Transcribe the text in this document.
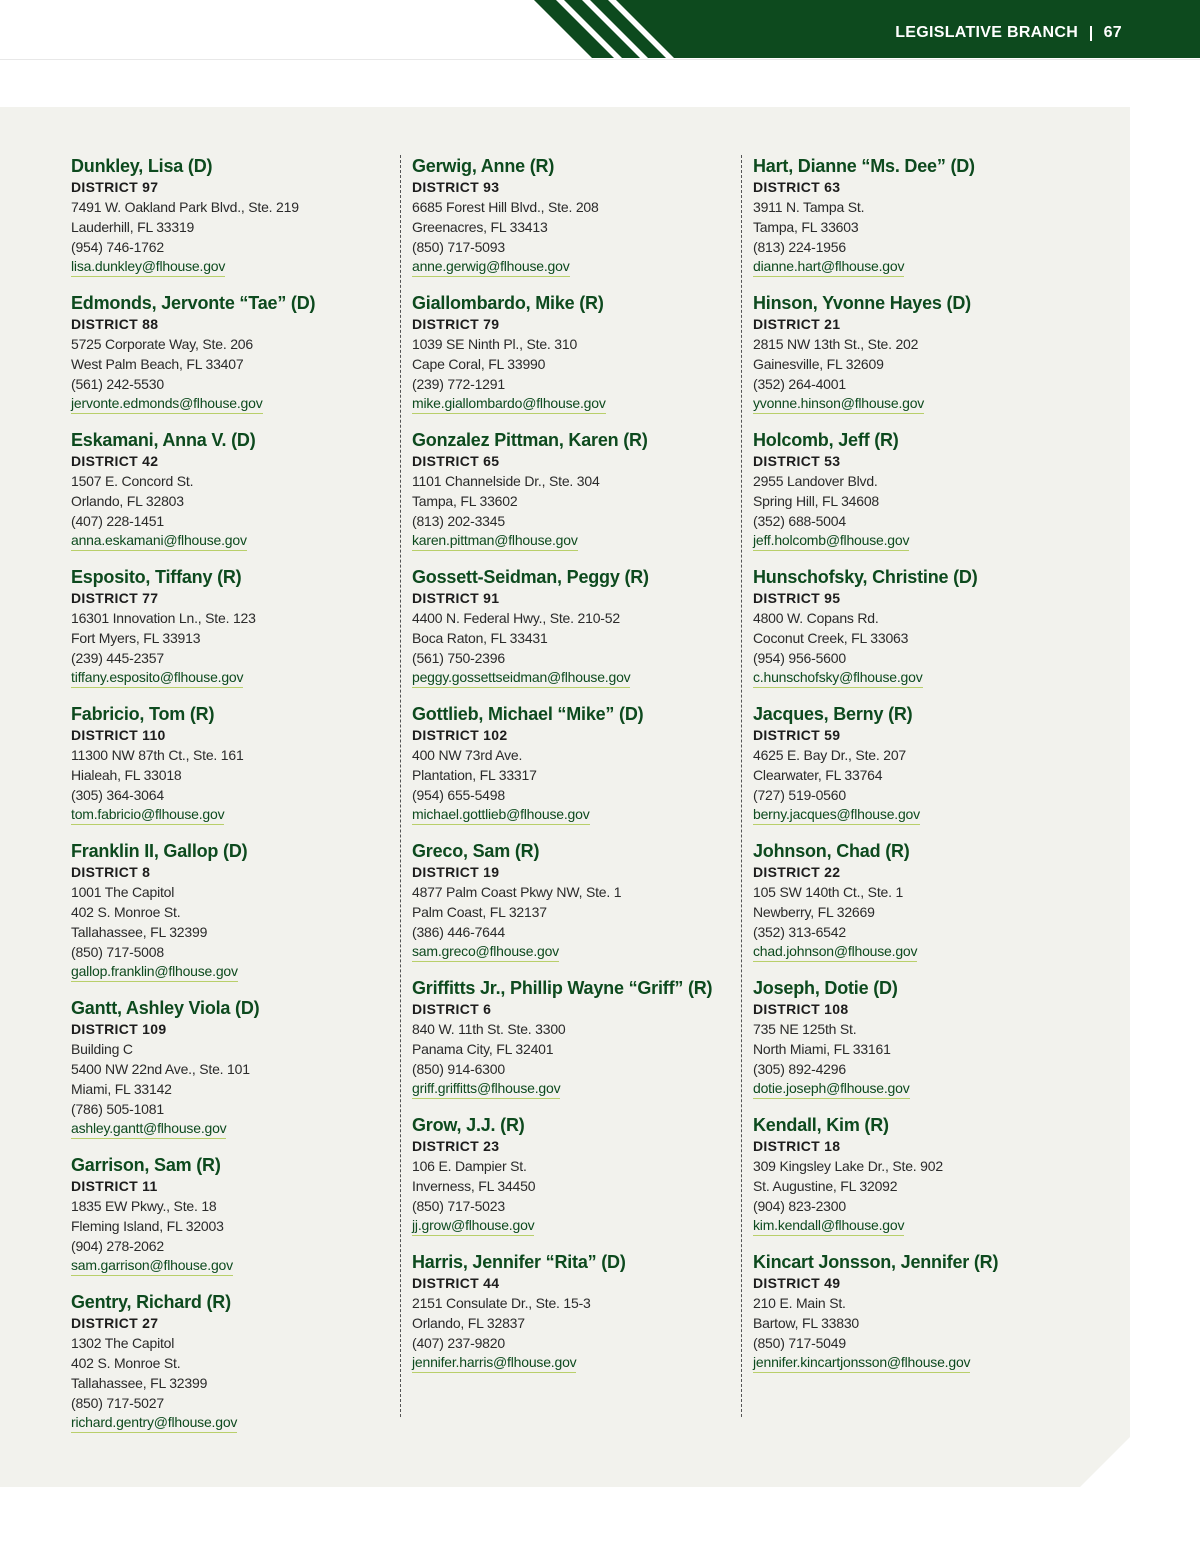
LEGISLATIVE BRANCH 67
Dunkley, Lisa (D)
DISTRICT 97
7491 W. Oakland Park Blvd., Ste. 219
Lauderhill, FL 33319
(954) 746-1762
lisa.dunkley@flhouse.gov
Edmonds, Jervonte “Tae” (D)
DISTRICT 88
5725 Corporate Way, Ste. 206
West Palm Beach, FL 33407
(561) 242-5530
jervonte.edmonds@flhouse.gov
Eskamani, Anna V. (D)
DISTRICT 42
1507 E. Concord St.
Orlando, FL 32803
(407) 228-1451
anna.eskamani@flhouse.gov
Esposito, Tiffany (R)
DISTRICT 77
16301 Innovation Ln., Ste. 123
Fort Myers, FL 33913
(239) 445-2357
tiffany.esposito@flhouse.gov
Fabricio, Tom (R)
DISTRICT 110
11300 NW 87th Ct., Ste. 161
Hialeah, FL 33018
(305) 364-3064
tom.fabricio@flhouse.gov
Franklin II, Gallop (D)
DISTRICT 8
1001 The Capitol
402 S. Monroe St.
Tallahassee, FL 32399
(850) 717-5008
gallop.franklin@flhouse.gov
Gantt, Ashley Viola (D)
DISTRICT 109
Building C
5400 NW 22nd Ave., Ste. 101
Miami, FL 33142
(786) 505-1081
ashley.gantt@flhouse.gov
Garrison, Sam (R)
DISTRICT 11
1835 EW Pkwy., Ste. 18
Fleming Island, FL 32003
(904) 278-2062
sam.garrison@flhouse.gov
Gentry, Richard (R)
DISTRICT 27
1302 The Capitol
402 S. Monroe St.
Tallahassee, FL 32399
(850) 717-5027
richard.gentry@flhouse.gov
Gerwig, Anne (R)
DISTRICT 93
6685 Forest Hill Blvd., Ste. 208
Greenacres, FL 33413
(850) 717-5093
anne.gerwig@flhouse.gov
Giallombardo, Mike (R)
DISTRICT 79
1039 SE Ninth Pl., Ste. 310
Cape Coral, FL 33990
(239) 772-1291
mike.giallombardo@flhouse.gov
Gonzalez Pittman, Karen (R)
DISTRICT 65
1101 Channelside Dr., Ste. 304
Tampa, FL 33602
(813) 202-3345
karen.pittman@flhouse.gov
Gossett-Seidman, Peggy (R)
DISTRICT 91
4400 N. Federal Hwy., Ste. 210-52
Boca Raton, FL 33431
(561) 750-2396
peggy.gossettseidman@flhouse.gov
Gottlieb, Michael “Mike” (D)
DISTRICT 102
400 NW 73rd Ave.
Plantation, FL 33317
(954) 655-5498
michael.gottlieb@flhouse.gov
Greco, Sam (R)
DISTRICT 19
4877 Palm Coast Pkwy NW, Ste. 1
Palm Coast, FL 32137
(386) 446-7644
sam.greco@flhouse.gov
Griffitts Jr., Phillip Wayne “Griff” (R)
DISTRICT 6
840 W. 11th St. Ste. 3300
Panama City, FL 32401
(850) 914-6300
griff.griffitts@flhouse.gov
Grow, J.J. (R)
DISTRICT 23
106 E. Dampier St.
Inverness, FL 34450
(850) 717-5023
jj.grow@flhouse.gov
Harris, Jennifer “Rita” (D)
DISTRICT 44
2151 Consulate Dr., Ste. 15-3
Orlando, FL 32837
(407) 237-9820
jennifer.harris@flhouse.gov
Hart, Dianne “Ms. Dee” (D)
DISTRICT 63
3911 N. Tampa St.
Tampa, FL 33603
(813) 224-1956
dianne.hart@flhouse.gov
Hinson, Yvonne Hayes (D)
DISTRICT 21
2815 NW 13th St., Ste. 202
Gainesville, FL 32609
(352) 264-4001
yvonne.hinson@flhouse.gov
Holcomb, Jeff (R)
DISTRICT 53
2955 Landover Blvd.
Spring Hill, FL 34608
(352) 688-5004
jeff.holcomb@flhouse.gov
Hunschofsky, Christine (D)
DISTRICT 95
4800 W. Copans Rd.
Coconut Creek, FL 33063
(954) 956-5600
c.hunschofsky@flhouse.gov
Jacques, Berny (R)
DISTRICT 59
4625 E. Bay Dr., Ste. 207
Clearwater, FL 33764
(727) 519-0560
berny.jacques@flhouse.gov
Johnson, Chad (R)
DISTRICT 22
105 SW 140th Ct., Ste. 1
Newberry, FL 32669
(352) 313-6542
chad.johnson@flhouse.gov
Joseph, Dotie (D)
DISTRICT 108
735 NE 125th St.
North Miami, FL 33161
(305) 892-4296
dotie.joseph@flhouse.gov
Kendall, Kim (R)
DISTRICT 18
309 Kingsley Lake Dr., Ste. 902
St. Augustine, FL 32092
(904) 823-2300
kim.kendall@flhouse.gov
Kincart Jonsson, Jennifer (R)
DISTRICT 49
210 E. Main St.
Bartow, FL 33830
(850) 717-5049
jennifer.kincartjonsson@flhouse.gov
